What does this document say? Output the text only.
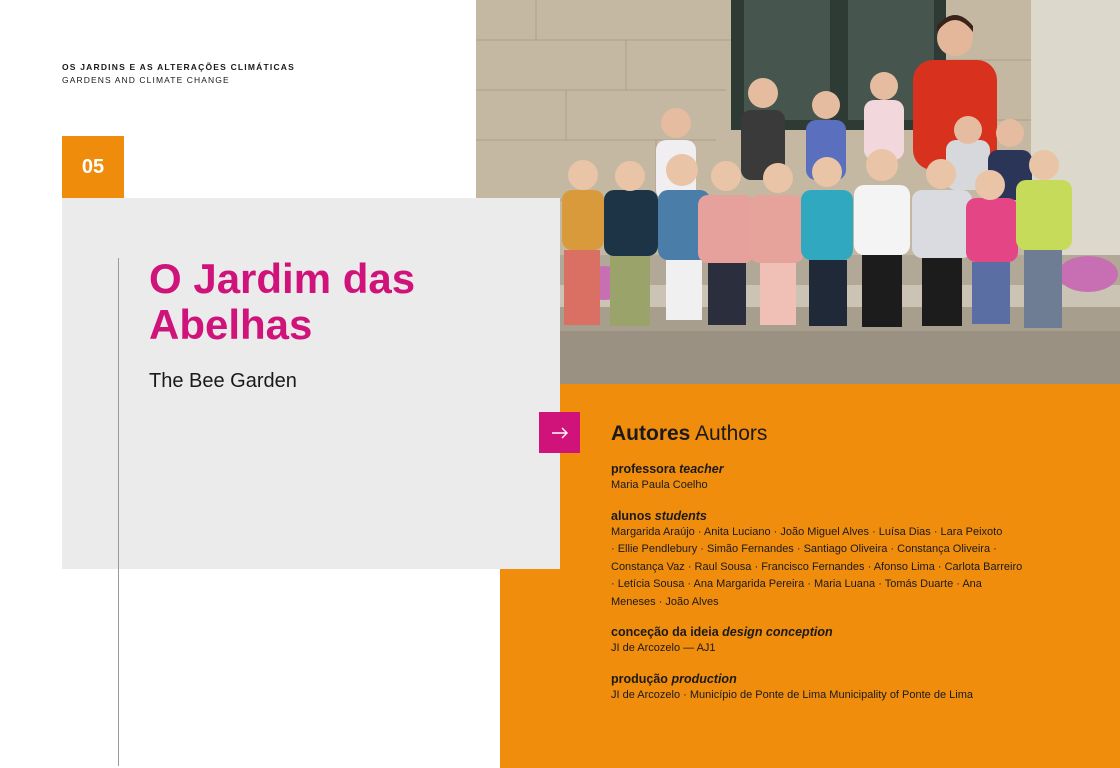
OS JARDINS E AS ALTERAÇÕES CLIMÁTICAS
GARDENS AND CLIMATE CHANGE
05
O Jardim das Abelhas
The Bee Garden
Autores Authors
professora teacher
Maria Paula Coelho
alunos students
Margarida Araújo · Anita Luciano · João Miguel Alves · Luísa Dias · Lara Peixoto
· Ellie Pendlebury · Simão Fernandes · Santiago Oliveira · Constança Oliveira ·
Constança Vaz · Raul Sousa · Francisco Fernandes · Afonso Lima · Carlota Barreiro
· Letícia Sousa · Ana Margarida Pereira · Maria Luana · Tomás Duarte · Ana
Meneses · João Alves
conceção da ideia design conception
JI de Arcozelo — AJ1
produção production
JI de Arcozelo · Município de Ponte de Lima Municipality of Ponte de Lima
